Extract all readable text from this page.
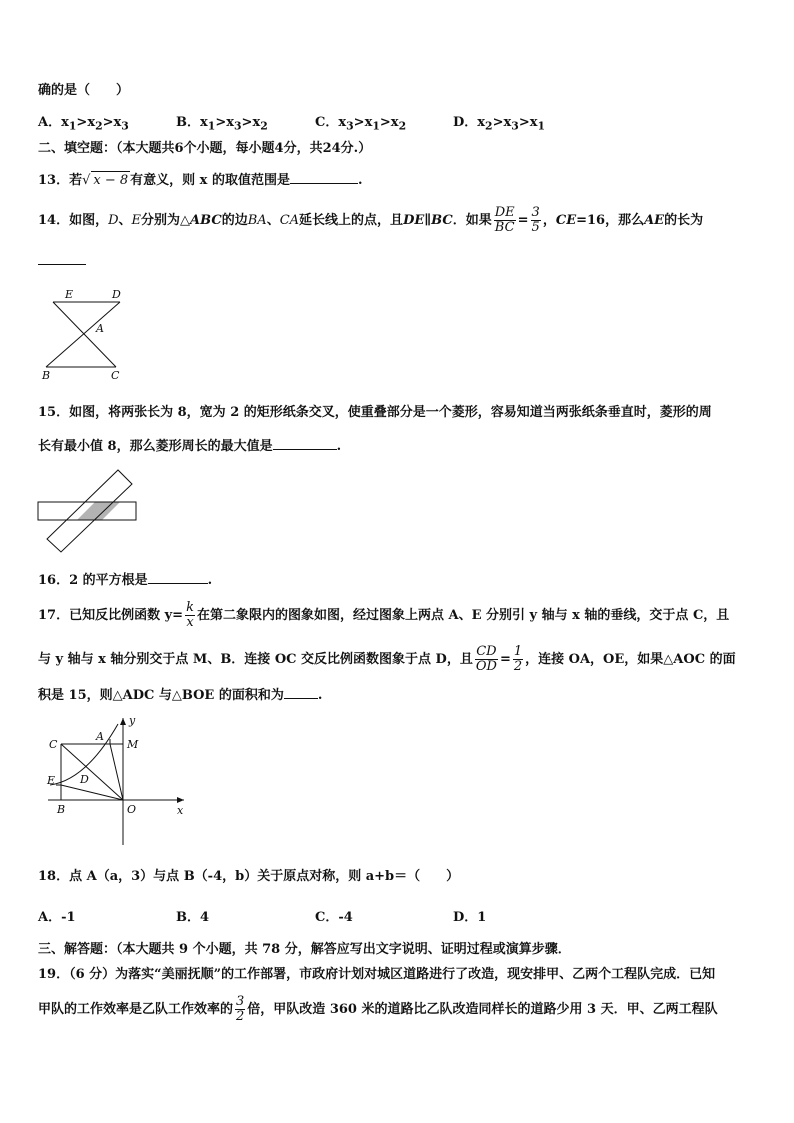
确的是（　　）
A．$x_1>x_2>x_3$	B．$x_1>x_3>x_2$	C．$x_3>x_1>x_2$	D．$x_2>x_3>x_1$
二、填空题：（本大题共6个小题，每小题4分，共24分.）
13．若√ x − 8 有意义，则 x 的取值范围是	.
14．如图，D、E分别为△ABC的边BA、CA延长线上的点，且DE∥BC．如果 $\frac{DE}{BC} = \frac{3}{5}$ ，CE=16，那么AE的长为
E	D
A
B	C
15．如图，将两张长为 8，宽为 2 的矩形纸条交叉，使重叠部分是一个菱形，容易知道当两张纸条垂直时，菱形的周
长有最小值 8，那么菱形周长的最大值是	.
16．2 的平方根是	.
17．已知反比例函数 $y= \frac{k}{x}$ 在第二象限内的图象如图，经过图象上两点 A、E 分别引 y 轴与 x 轴的垂线，交于点 C，且
与 y 轴与 x 轴分别交于点 M、B．连接 OC 交反比例函数图象于点 D，且 $\frac{CD}{OD} = \frac{1}{2}$ ，连接 OA，OE，如果△AOC 的面
积是 15，则△ADC 与△BOE 的面积和为	.
C
A
M
E D
B	O	x
y
18．点 A（a，3）与点 B（-4，b）关于原点对称，则 a+b＝（　　）
A．-1	B．4	C．-4	D．1
三、解答题：（本大题共 9 个小题，共 78 分，解答应写出文字说明、证明过程或演算步骤．
19．（6 分）为落实“美丽抚顺”的工作部署，市政府计划对城区道路进行了改造，现安排甲、乙两个工程队完成．已知
甲队的工作效率是乙队工作效率的 $\frac{3}{2}$ 倍，甲队改造 360 米的道路比乙队改造同样长的道路少用 3 天．甲、乙两工程队
